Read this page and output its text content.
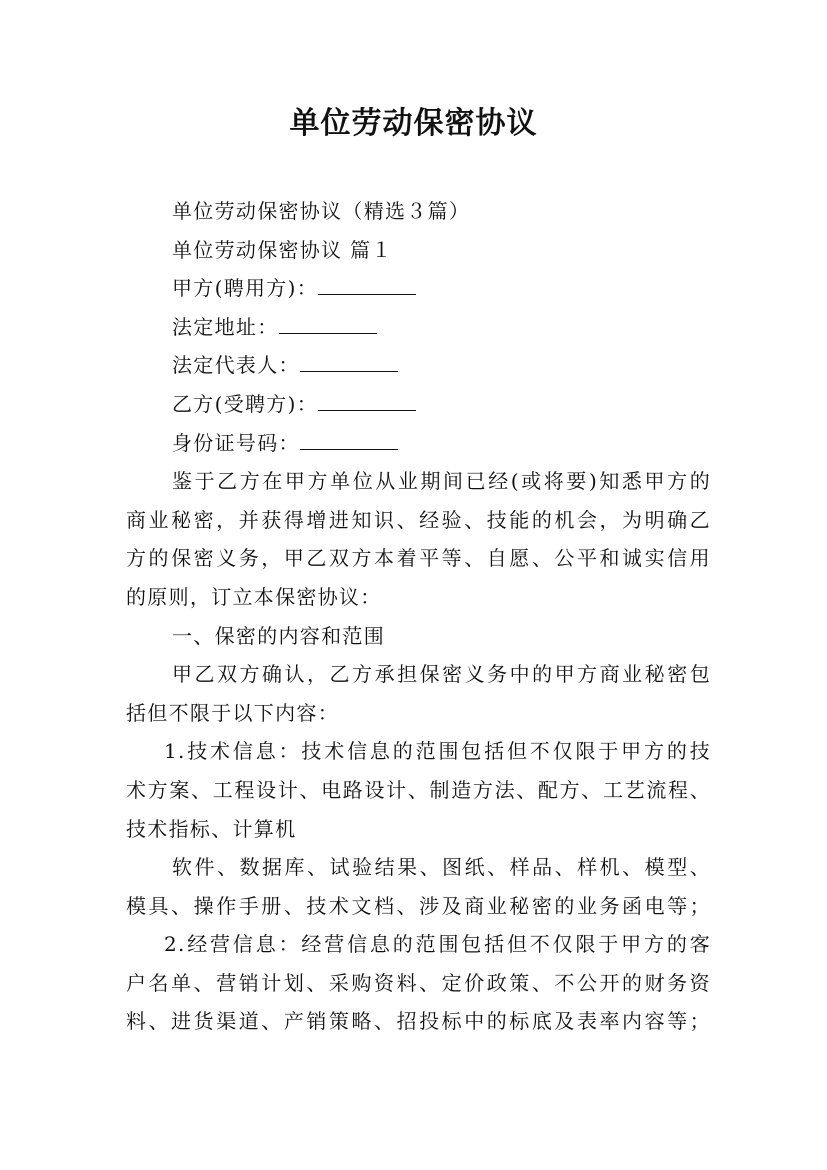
单位劳动保密协议
单位劳动保密协议（精选３篇）
单位劳动保密协议 篇１
甲方(聘用方)：
法定地址：
法定代表人：
乙方(受聘方)：
身份证号码：
鉴于乙方在甲方单位从业期间已经(或将要)知悉甲方的
商业秘密，并获得增进知识、经验、技能的机会，为明确乙
方的保密义务，甲乙双方本着平等、自愿、公平和诚实信用
的原则，订立本保密协议：
一、保密的内容和范围
甲乙双方确认，乙方承担保密义务中的甲方商业秘密包
括但不限于以下内容：
1.技术信息：技术信息的范围包括但不仅限于甲方的技
术方案、工程设计、电路设计、制造方法、配方、工艺流程、
技术指标、计算机
软件、数据库、试验结果、图纸、样品、样机、模型、
模具、操作手册、技术文档、涉及商业秘密的业务函电等；
2.经营信息：经营信息的范围包括但不仅限于甲方的客
户名单、营销计划、采购资料、定价政策、不公开的财务资
料、进货渠道、产销策略、招投标中的标底及表率内容等；
